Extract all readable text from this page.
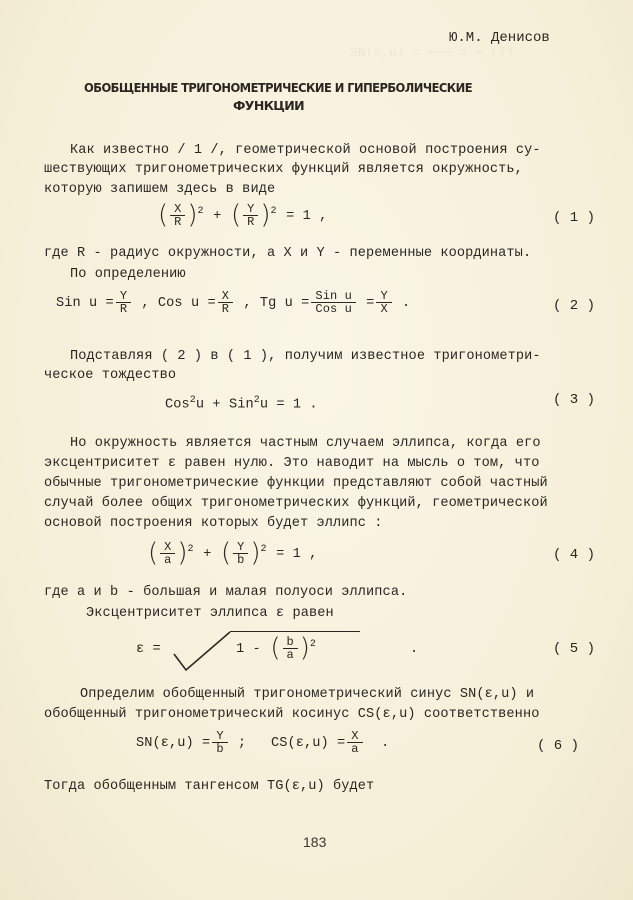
SN(ε,u) = ─── = ─ (7)
Ю.М. Денисов
ОБОБЩЕННЫЕ ТРИГОНОМЕТРИЧЕСКИЕ И ГИПЕРБОЛИЧЕСКИЕ
ФУНКЦИИ
Как известно / 1 /, геометрической основой построения су-
шествующих тригонометрических функций является окружность,
которую запишем здесь в виде
( $\frac{X}{R} )^2$ + ( $\frac{Y}{R} )^2 = 1$ ,	( 1 )
где R - радиус окружности, а X и Y - переменные координаты.
По определению
Sin $u = \frac{Y}{R}$ , Cos $u = \frac{X}{R}$ , Tg $u = \frac{\text{Sin u}}{\text{Cos u}} = \frac{Y}{X}$ .	( 2 )
Подставляя ( 2 ) в ( 1 ), получим известное тригонометри-
ческое тождество
Cos$^2$u + Sin$^2$u = 1 .	( 3 )
Но окружность является частным случаем эллипса, когда его
эксцентриситет ε равен нулю. Это наводит на мысль о том, что
обычные тригонометрические функции представляют собой частный
случай более общих тригонометрических функций, геометрической
основой построения которых будет эллипс :
( $\frac{X}{a} )^2$ + ( $\frac{Y}{b} )^2 = 1$ ,	( 4 )
где a и b - большая и малая полуоси эллипса.
Эксцентриситет эллипса ε равен
ε =	1 - ( $\frac{b}{a} )^2$	.	( 5 )
Определим обобщенный тригонометрический синус SN(ε,u) и
обобщенный тригонометрический косинус CS(ε,u) соответственно
$SN(\varepsilon,u) = \frac{Y}{b}$ ; $CS(\varepsilon,u) = \frac{X}{a}$ .	( 6 )
Тогда обобщенным тангенсом TG(ε,u) будет
183
